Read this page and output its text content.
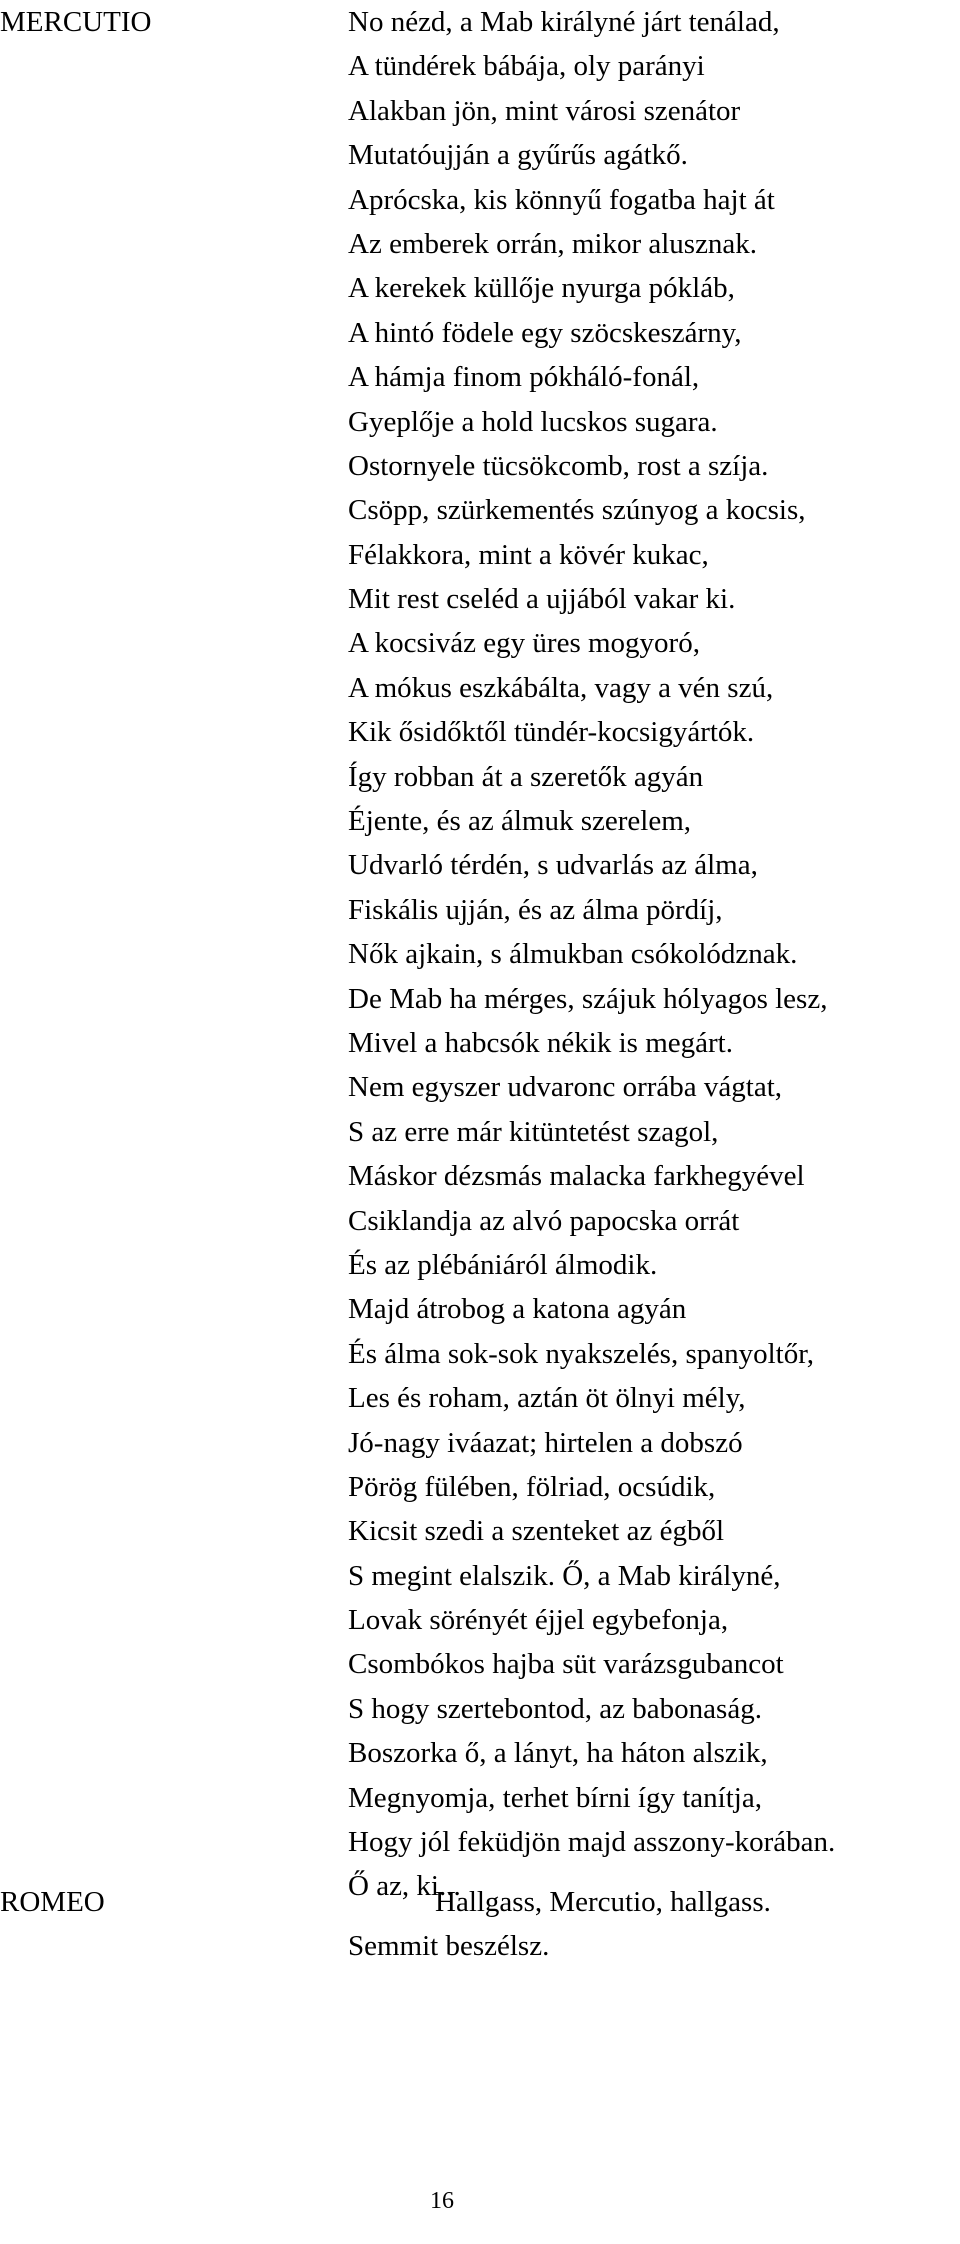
MERCUTIO	No nézd, a Mab királyné járt tenálad,
A tündérek bábája, oly parányi
Alakban jön, mint városi szenátor
Mutatóujján a gyűrűs agátkő.
Aprócska, kis könnyű fogatba hajt át
Az emberek orrán, mikor alusznak.
A kerekek küllője nyurga pókláb,
A hintó födele egy szöcskeszárny,
A hámja finom pókháló-fonál,
Gyeplője a hold lucskos sugara.
Ostornyele tücsökcomb, rost a szíja.
Csöpp, szürkementés szúnyog a kocsis,
Félakkora, mint a kövér kukac,
Mit rest cseléd a ujjából vakar ki.
A kocsiváz egy üres mogyoró,
A mókus eszkábálta, vagy a vén szú,
Kik ősidőktől tündér-kocsigyártók.
Így robban át a szeretők agyán
Éjente, és az álmuk szerelem,
Udvarló térdén, s udvarlás az álma,
Fiskális ujján, és az álma pördíj,
Nők ajkain, s álmukban csókolódznak.
De Mab ha mérges, szájuk hólyagos lesz,
Mivel a habcsók nékik is megárt.
Nem egyszer udvaronc orrába vágtat,
S az erre már kitüntetést szagol,
Máskor dézsmás malacka farkhegyével
Csiklandja az alvó papocska orrát
És az plébániáról álmodik.
Majd átrobog a katona agyán
És álma sok-sok nyakszelés, spanyoltőr,
Les és roham, aztán öt ölnyi mély,
Jó-nagy iváazat; hirtelen a dobszó
Pörög fülében, fölriad, ocsúdik,
Kicsit szedi a szenteket az égből
S megint elalszik. Ő, a Mab királyné,
Lovak sörényét éjjel egybefonja,
Csombókos hajba süt varázsgubancot
S hogy szertebontod, az babonaság.
Boszorka ő, a lányt, ha háton alszik,
Megnyomja, terhet bírni így tanítja,
Hogy jól feküdjön majd asszony-korában.
Ő az, ki...
ROMEO	Hallgass, Mercutio, hallgass.
Semmit beszélsz.
16
